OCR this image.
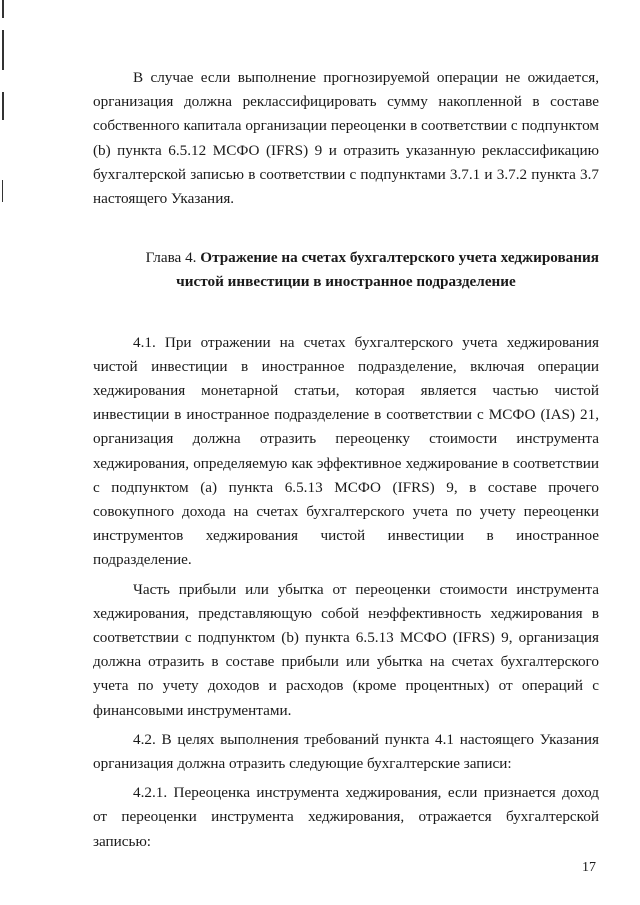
В случае если выполнение прогнозируемой операции не ожидается, организация должна реклассифицировать сумму накопленной в составе собственного капитала организации переоценки в соответствии с подпунктом (b) пункта 6.5.12 МСФО (IFRS) 9 и отразить указанную реклассификацию бухгалтерской записью в соответствии с подпунктами 3.7.1 и 3.7.2 пункта 3.7 настоящего Указания.

Глава 4. Отражение на счетах бухгалтерского учета хеджирования
чистой инвестиции в иностранное подразделение

4.1. При отражении на счетах бухгалтерского учета хеджирования чистой инвестиции в иностранное подразделение, включая операции хеджирования монетарной статьи, которая является частью чистой инвестиции в иностранное подразделение в соответствии с МСФО (IAS) 21, организация должна отразить переоценку стоимости инструмента хеджирования, определяемую как эффективное хеджирование в соответствии с подпунктом (a) пункта 6.5.13 МСФО (IFRS) 9, в составе прочего совокупного дохода на счетах бухгалтерского учета по учету переоценки инструментов хеджирования чистой инвестиции в иностранное подразделение.

Часть прибыли или убытка от переоценки стоимости инструмента хеджирования, представляющую собой неэффективность хеджирования в соответствии с подпунктом (b) пункта 6.5.13 МСФО (IFRS) 9, организация должна отразить в составе прибыли или убытка на счетах бухгалтерского учета по учету доходов и расходов (кроме процентных) от операций с финансовыми инструментами.

4.2. В целях выполнения требований пункта 4.1 настоящего Указания организация должна отразить следующие бухгалтерские записи:

4.2.1. Переоценка инструмента хеджирования, если признается доход от переоценки инструмента хеджирования, отражается бухгалтерской записью:

17
